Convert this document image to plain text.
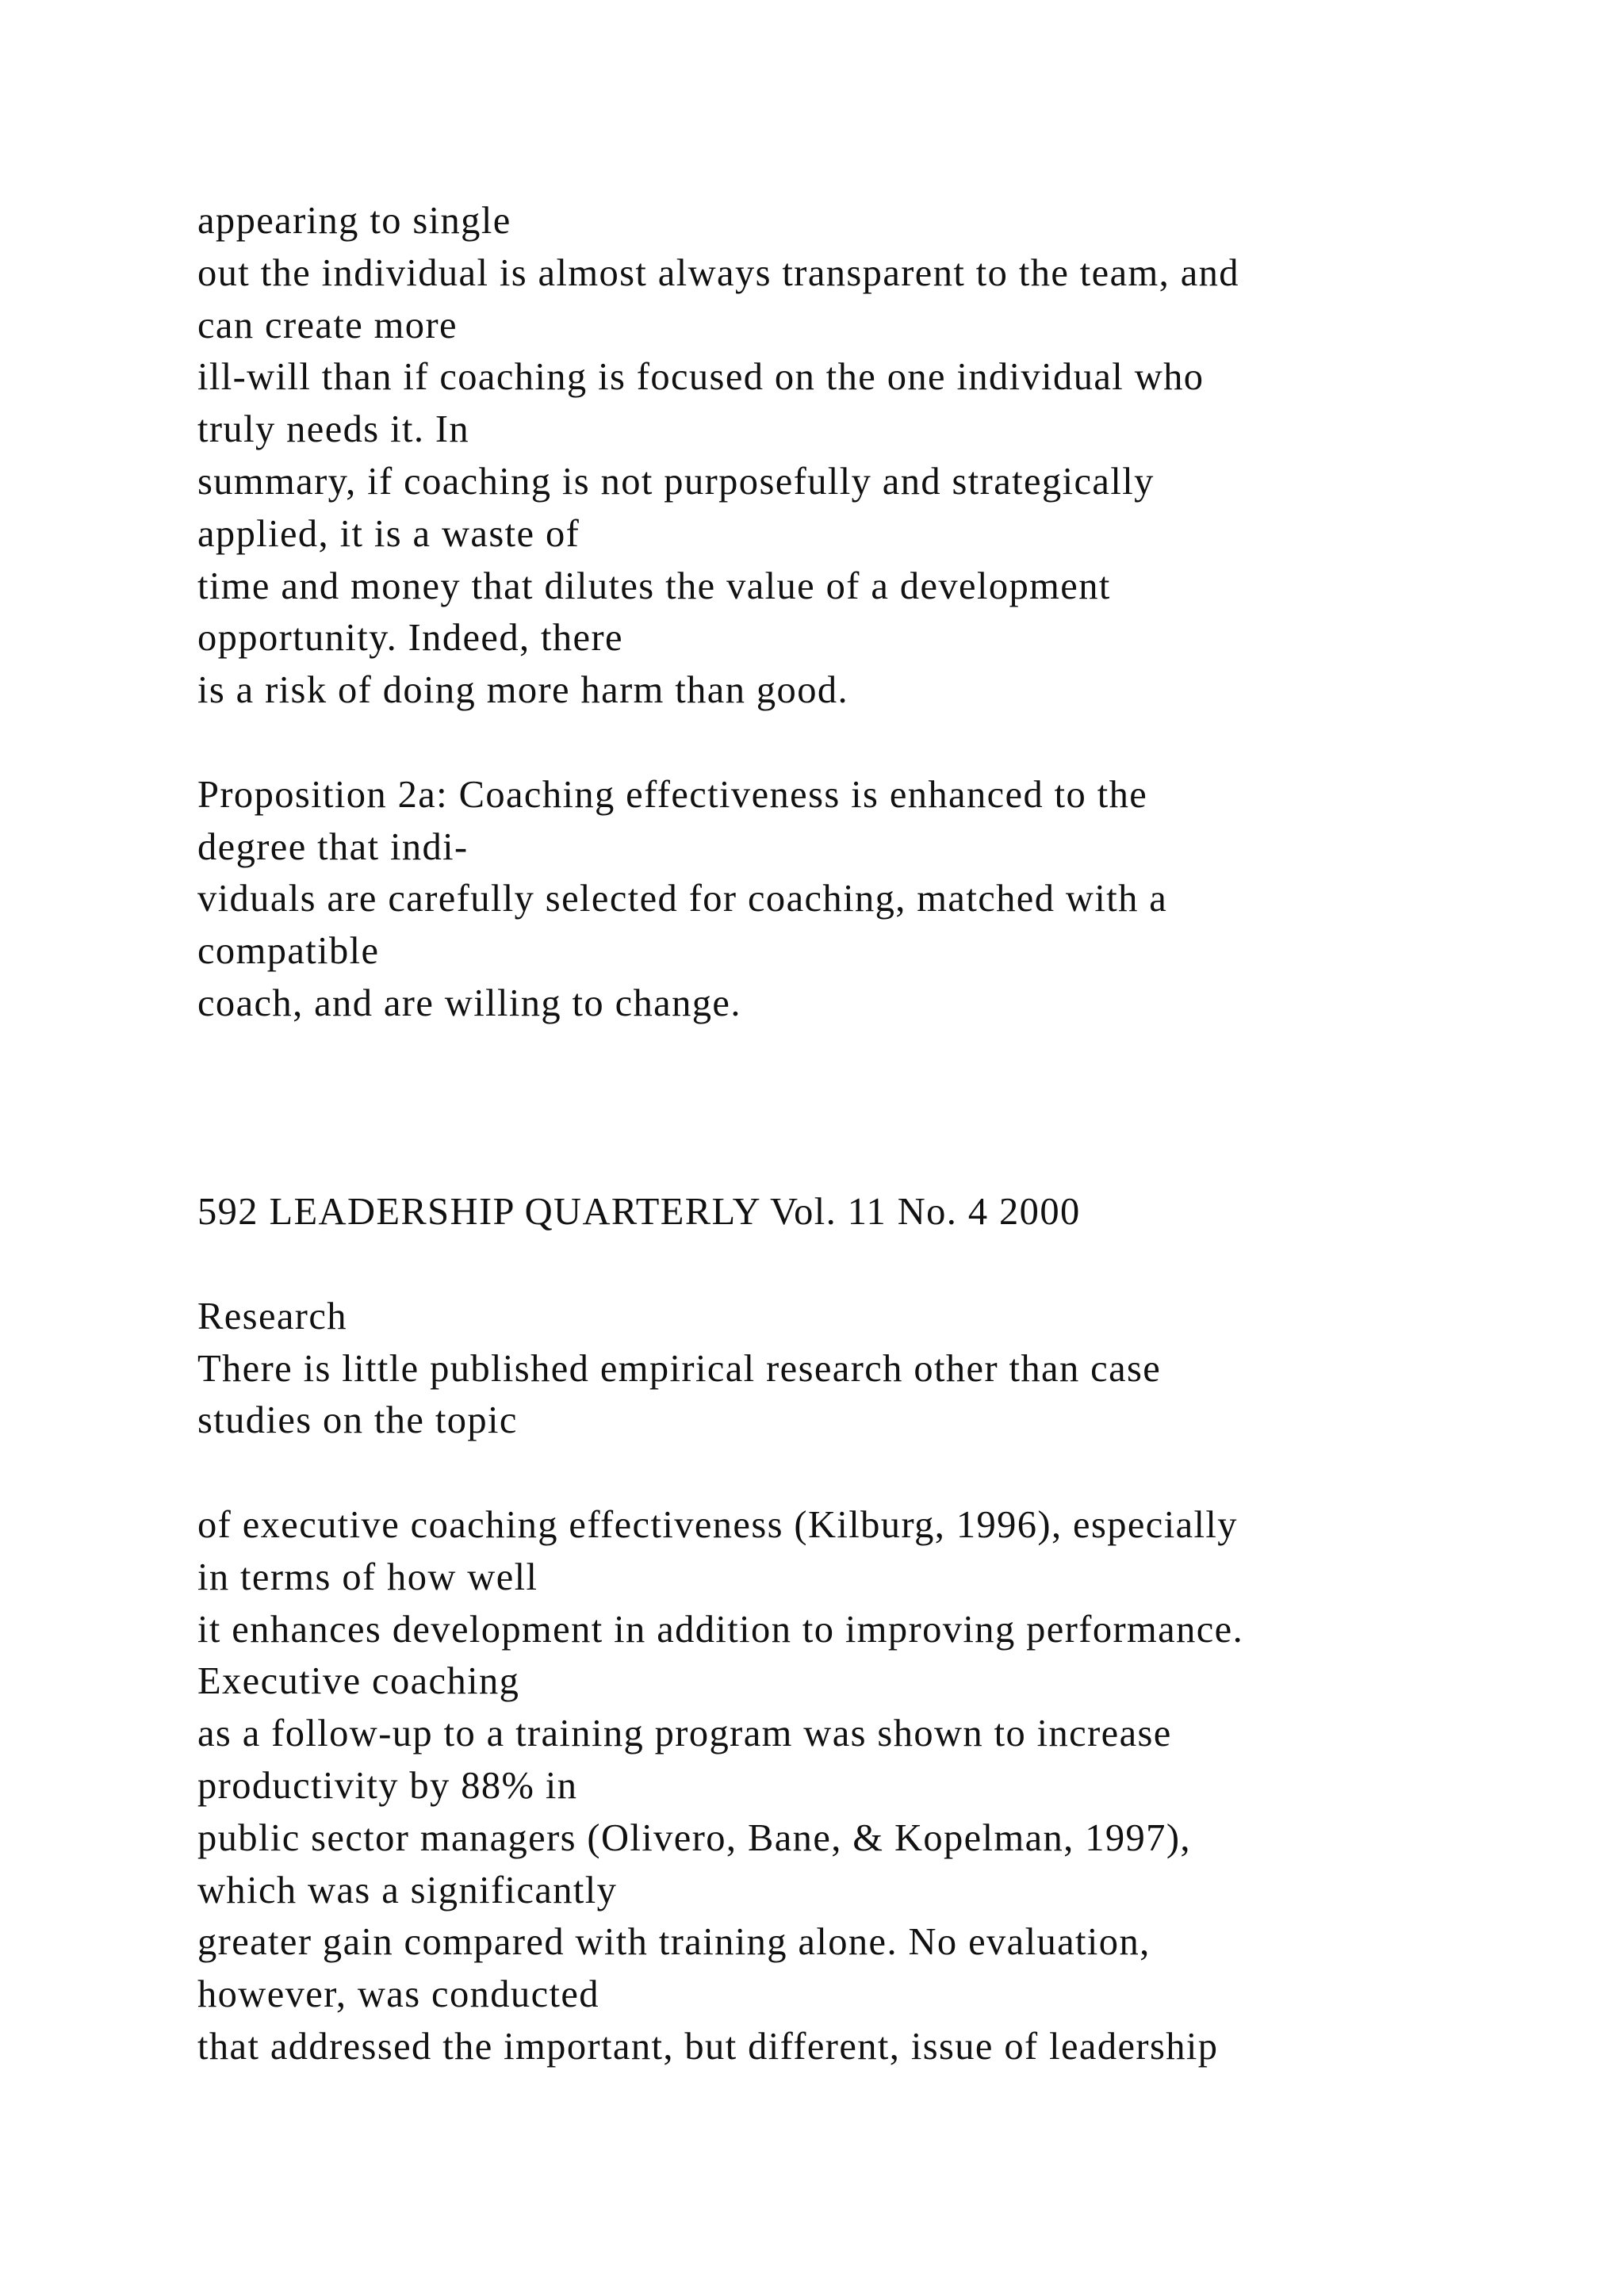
appearing to single
out the individual is almost always transparent to the team, and
can create more
ill-will than if coaching is focused on the one individual who
truly needs it. In
summary, if coaching is not purposefully and strategically
applied, it is a waste of
time and money that dilutes the value of a development
opportunity. Indeed, there
is a risk of doing more harm than good.
Proposition 2a: Coaching effectiveness is enhanced to the
degree that indi-
viduals are carefully selected for coaching, matched with a
compatible
coach, and are willing to change.
592 LEADERSHIP QUARTERLY Vol. 11 No. 4 2000
Research
There is little published empirical research other than case
studies on the topic
of executive coaching effectiveness (Kilburg, 1996), especially
in terms of how well
it enhances development in addition to improving performance.
Executive coaching
as a follow-up to a training program was shown to increase
productivity by 88% in
public sector managers (Olivero, Bane, & Kopelman, 1997),
which was a significantly
greater gain compared with training alone. No evaluation,
however, was conducted
that addressed the important, but different, issue of leadership
